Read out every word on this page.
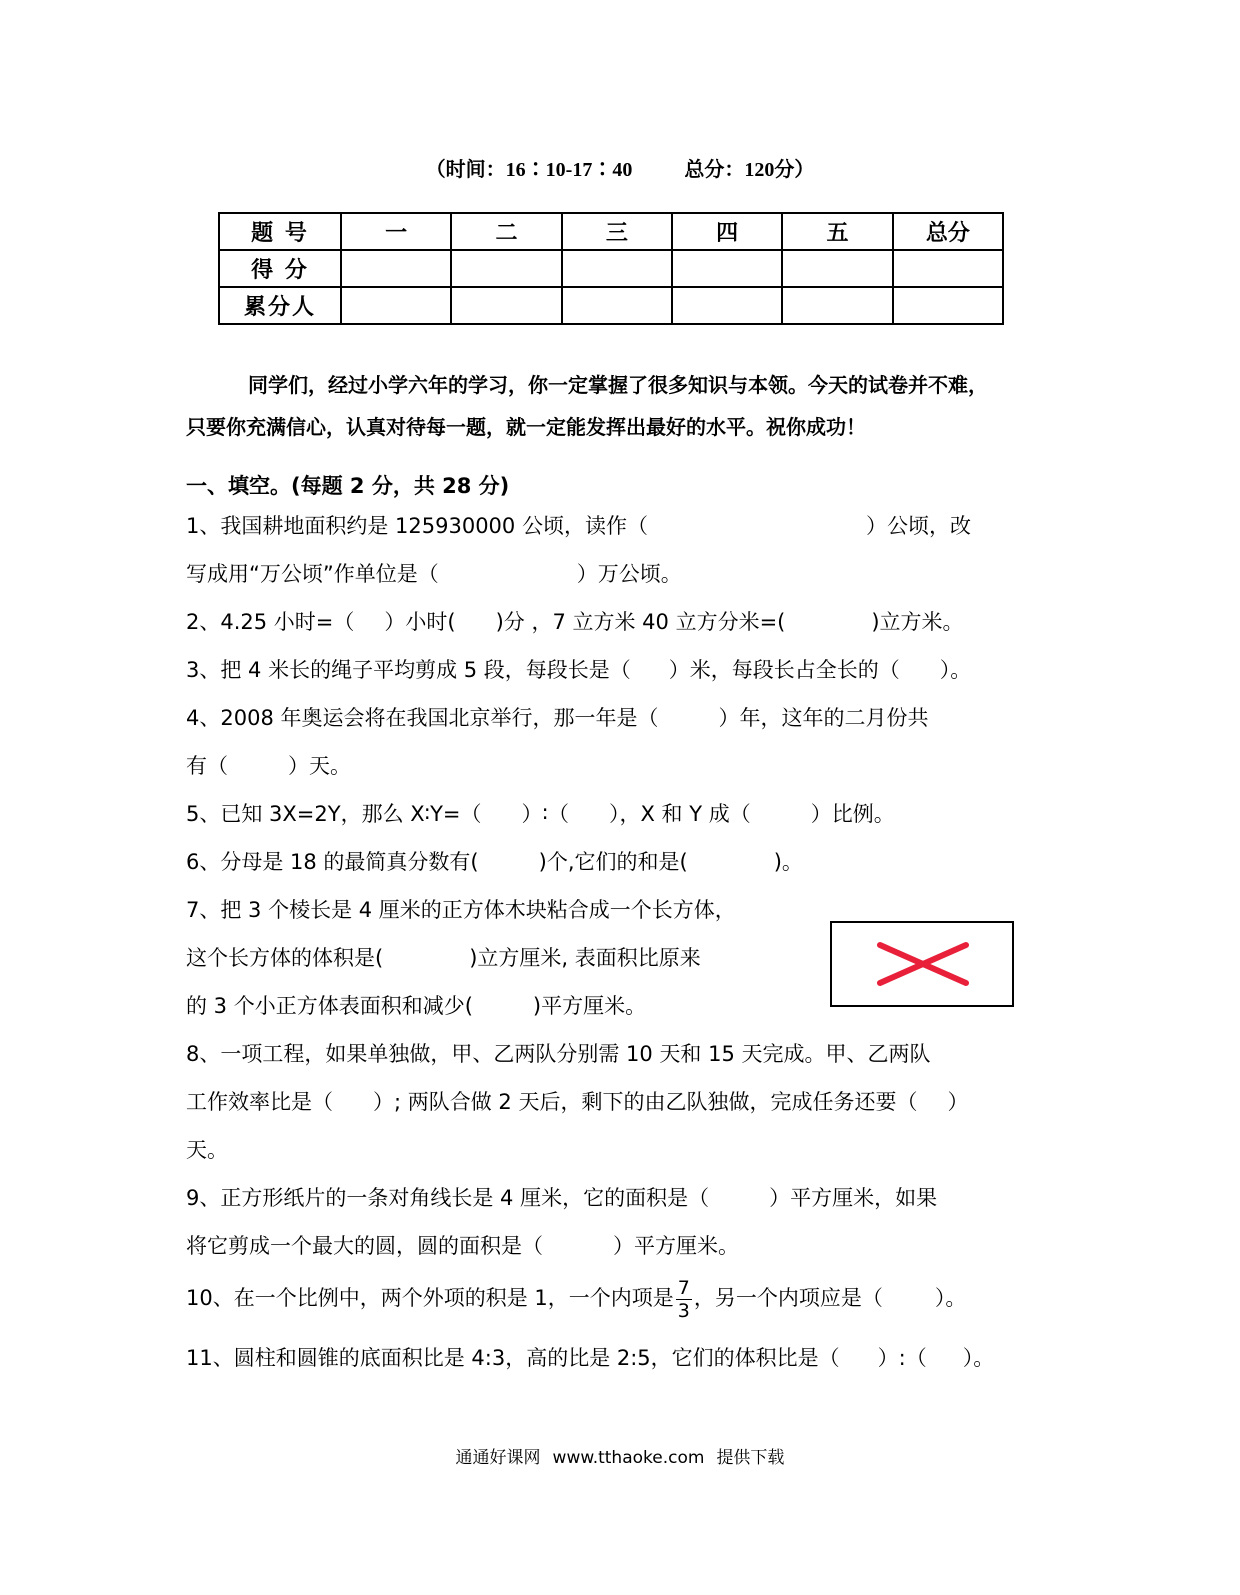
（时间：16∶10-17∶40	总分：120分）
题 号	一	二	三	四	五	总分
得 分						
累分人						
同学们，经过小学六年的学习，你一定掌握了很多知识与本领。今天的试卷并不难，
只要你充满信心，认真对待每一题，就一定能发挥出最好的水平。祝你成功！
一、填空。(每题 2 分，共 28 分)
1、我国耕地面积约是 125930000 公顷，读作（	）公顷，改
写成用“万公顷”作单位是（	）万公顷。
2、4.25 小时=（ ）小时( )分 ，7 立方米 40 立方分米=(	)立方米。
3、把 4 米长的绳子平均剪成 5 段，每段长是（ ）米，每段长占全长的（ ）。
4、2008 年奥运会将在我国北京举行，那一年是（	）年，这年的二月份共
有（	）天。
5、已知 3X=2Y，那么 X∶Y=（ ）∶（ ），X 和 Y 成（	）比例。
6、分母是 18 的最简真分数有(	)个,它们的和是(	)。
7、把 3 个棱长是 4 厘米的正方体木块粘合成一个长方体，
这个长方体的体积是(	)立方厘米, 表面积比原来
的 3 个小正方体表面积和减少(	)平方厘米。
8、一项工程，如果单独做，甲、乙两队分别需 10 天和 15 天完成。甲、乙两队
工作效率比是（ ）; 两队合做 2 天后，剩下的由乙队独做，完成任务还要（ ）
天。
9、正方形纸片的一条对角线长是 4 厘米，它的面积是（	）平方厘米，如果
将它剪成一个最大的圆，圆的面积是（	）平方厘米。
10、在一个比例中，两个外项的积是 1，一个内项是 $\frac{7}{3}$ ，另一个内项应是（ ）。
11、圆柱和圆锥的底面积比是 4:3，高的比是 2:5，它们的体积比是（ ）:（ ）。
通通好课网 www.tthaoke.com 提供下载
